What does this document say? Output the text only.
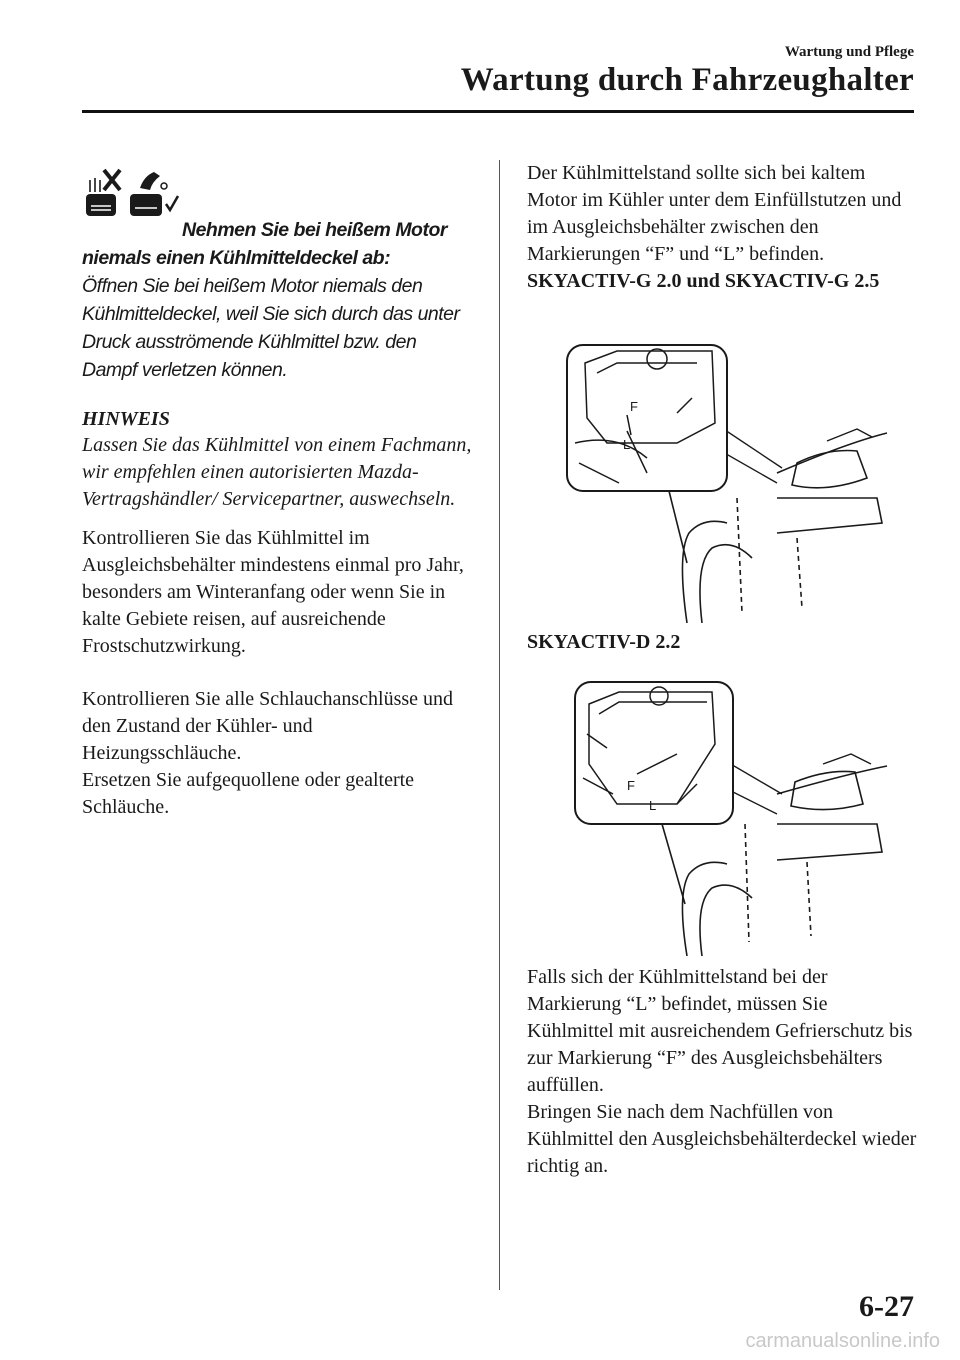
Wartung und Pflege
Wartung durch Fahrzeughalter
Nehmen Sie bei heißem Motor
niemals einen Kühlmitteldeckel ab:
Öffnen Sie bei heißem Motor niemals den Kühlmitteldeckel, weil Sie sich durch das unter Druck ausströmende Kühlmittel bzw. den Dampf verletzen können.
HINWEIS
Lassen Sie das Kühlmittel von einem Fachmann, wir empfehlen einen autorisierten Mazda-Vertragshändler/ Servicepartner, auswechseln.

Kontrollieren Sie das Kühlmittel im Ausgleichsbehälter mindestens einmal pro Jahr, besonders am Winteranfang oder wenn Sie in kalte Gebiete reisen, auf ausreichende Frostschutzwirkung.

Kontrollieren Sie alle Schlauchanschlüsse und den Zustand der Kühler- und Heizungsschläuche.

Ersetzen Sie aufgequollene oder gealterte Schläuche.

Der Kühlmittelstand sollte sich bei kaltem Motor im Kühler unter dem Einfüllstutzen und im Ausgleichsbehälter zwischen den Markierungen “F” und “L” befinden.

SKYACTIV-G 2.0 und SKYACTIV-G 2.5
F
L
SKYACTIV-D 2.2
F
L

Falls sich der Kühlmittelstand bei der Markierung “L” befindet, müssen Sie Kühlmittel mit ausreichendem Gefrierschutz bis zur Markierung “F” des Ausgleichsbehälters auffüllen.

Bringen Sie nach dem Nachfüllen von Kühlmittel den Ausgleichsbehälterdeckel wieder richtig an.

6-27
carmanualsonline.info
